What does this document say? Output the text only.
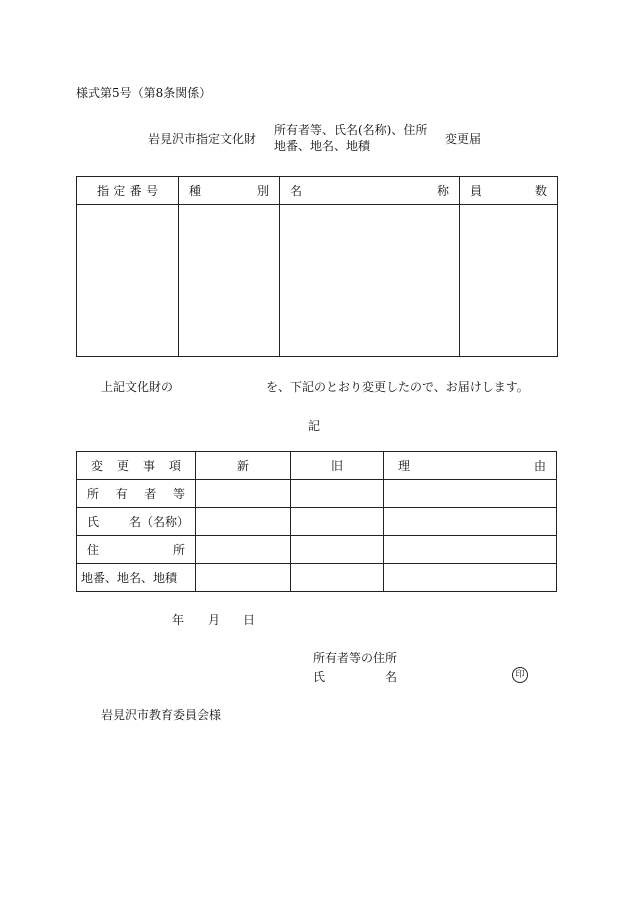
様式第5号（第8条関係）
岩見沢市指定文化財
所有者等、氏名(名称)、住所
地番、地名、地積	変更届
指 定 番 号	種 別	名 称	員 数

上記文化財の	を、下記のとおり変更したので、お届けします。
記
変 更 事 項	新	旧	理 由

所 有 者 等			

氏 名（名称）			

住 所			

地番、地名、地積			
年 月 日
所有者等の住所
氏	名	印
岩見沢市教育委員会様
